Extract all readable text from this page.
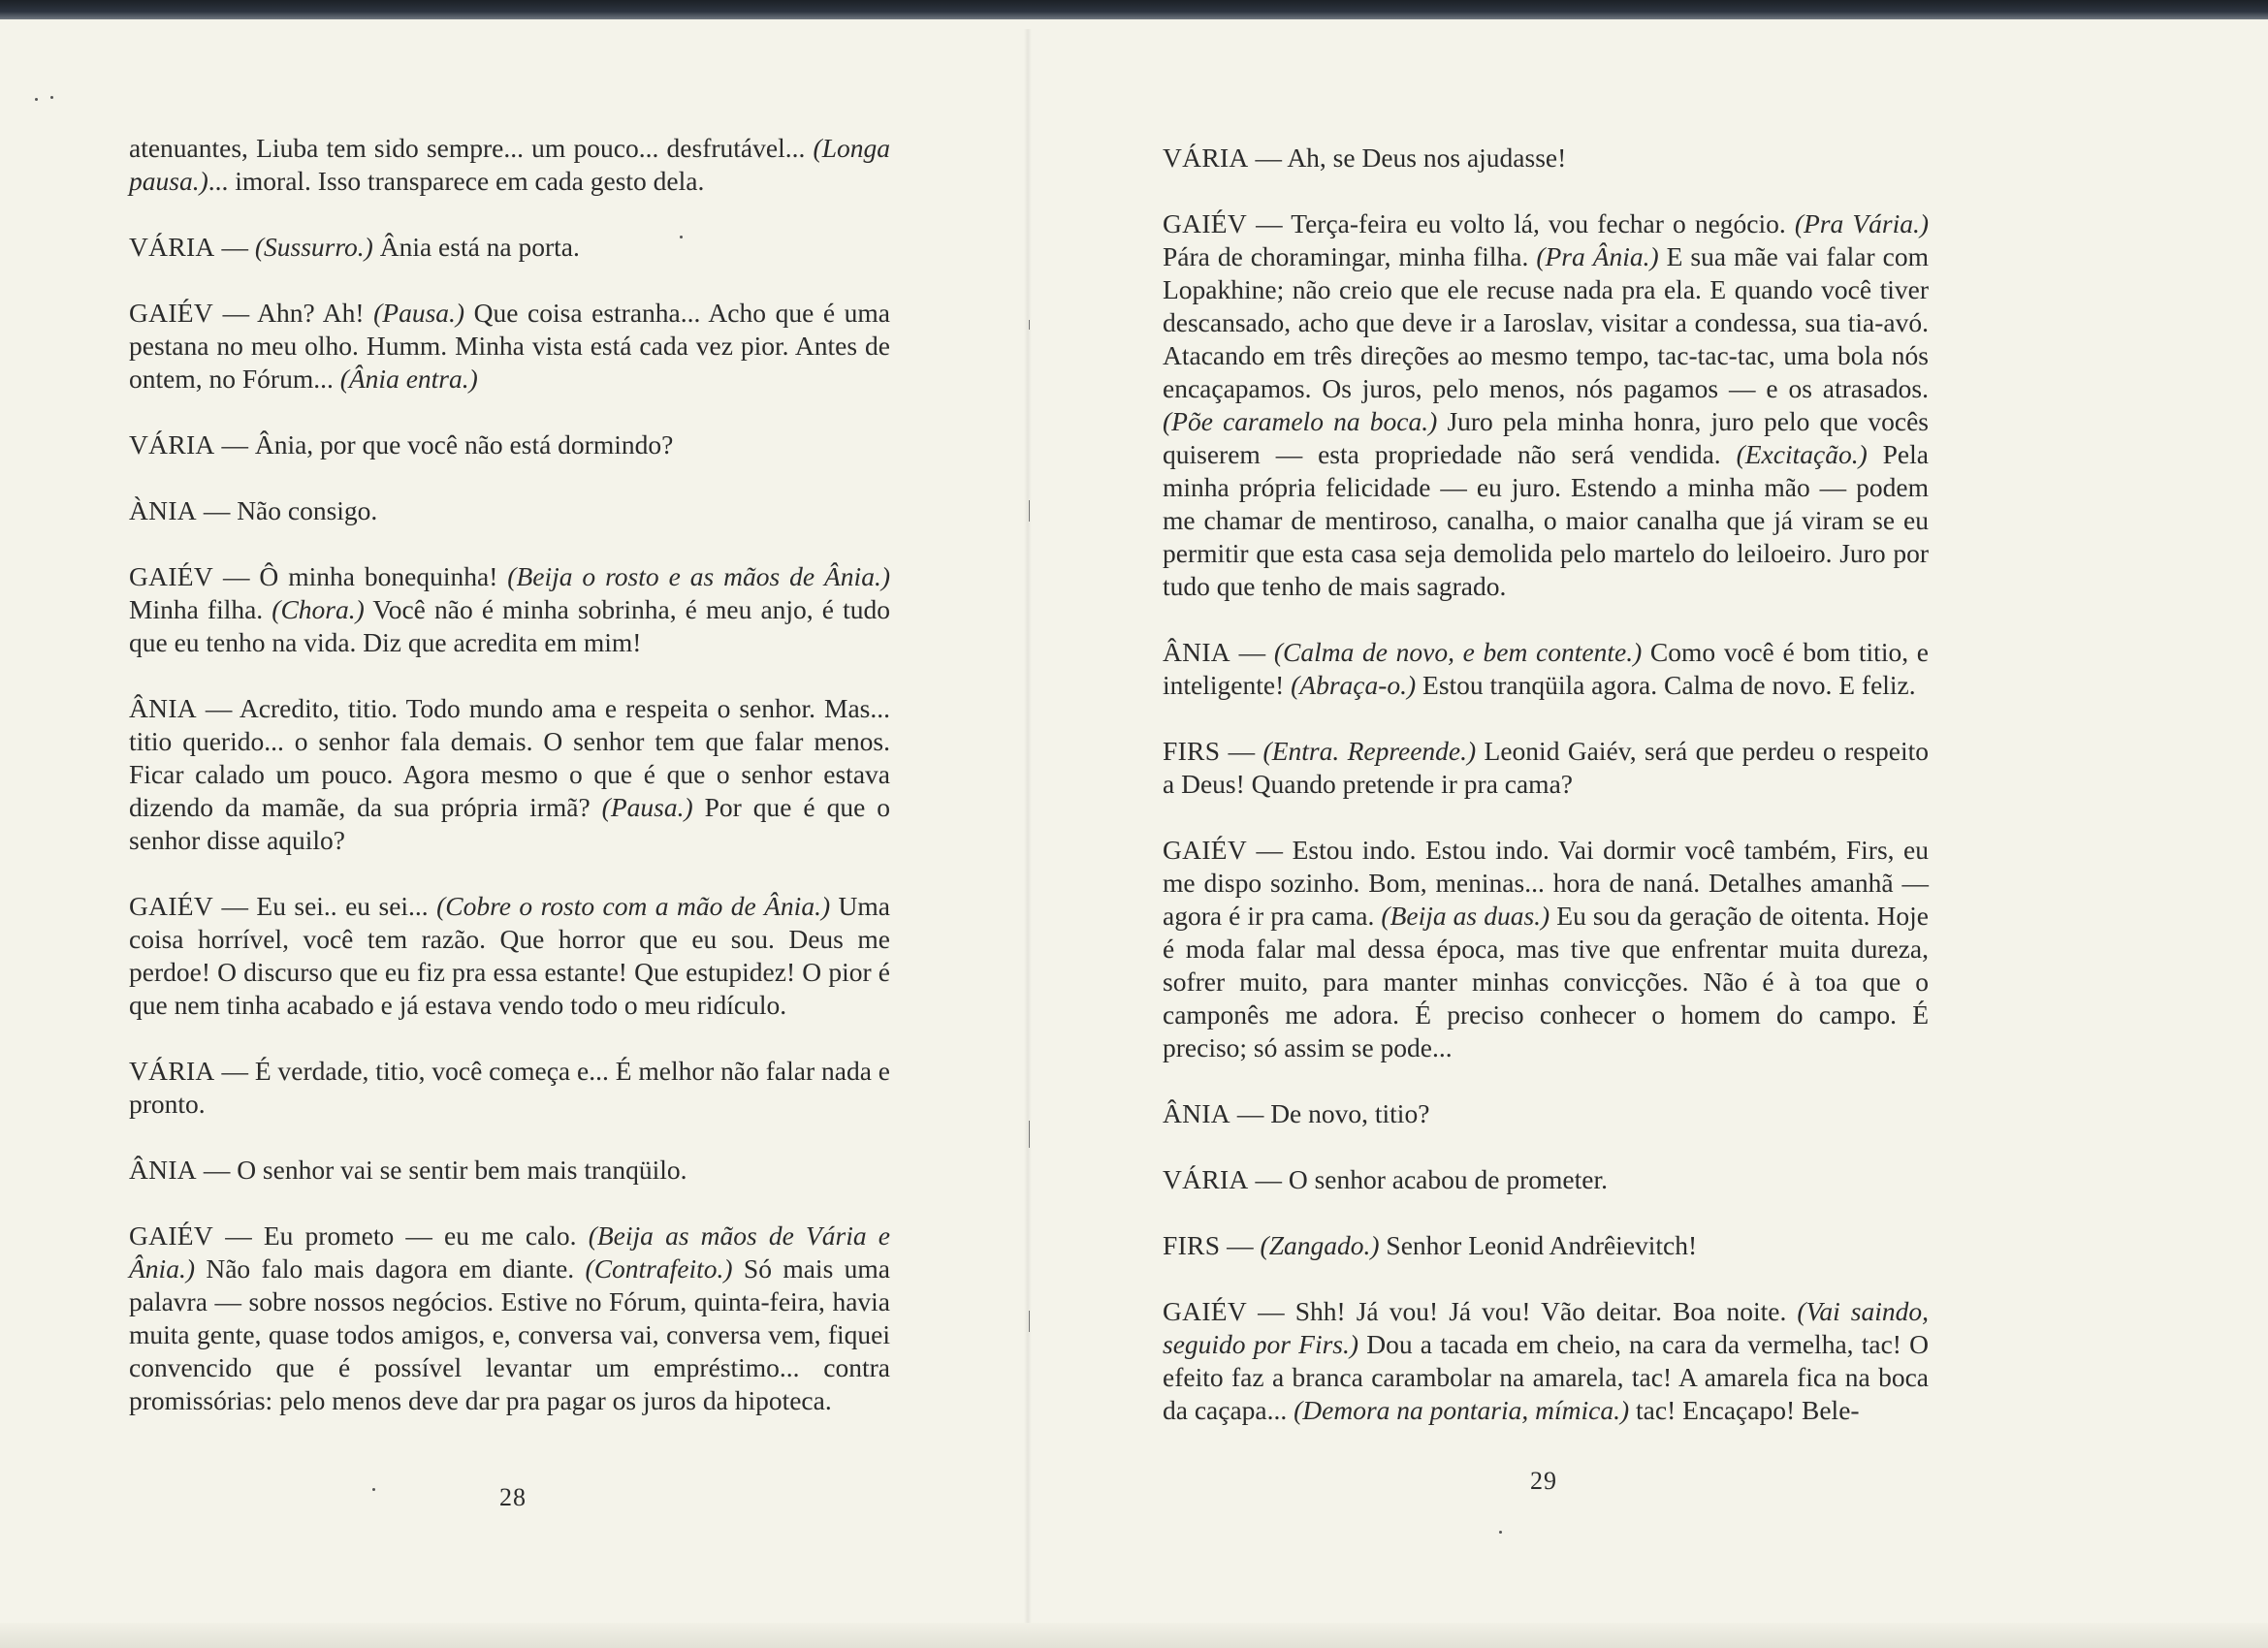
atenuantes, Liuba tem sido sempre... um pouco... desfrutável... (Longa pausa.)... imoral. Isso transparece em cada gesto dela.

VÁRIA — (Sussurro.) Ânia está na porta.

GAIÉV — Ahn? Ah! (Pausa.) Que coisa estranha... Acho que é uma pestana no meu olho. Humm. Minha vista está cada vez pior. Antes de ontem, no Fórum... (Ânia entra.)

VÁRIA — Ânia, por que você não está dormindo?

ÀNIA — Não consigo.

GAIÉV — Ô minha bonequinha! (Beija o rosto e as mãos de Ânia.) Minha filha. (Chora.) Você não é minha sobrinha, é meu anjo, é tudo que eu tenho na vida. Diz que acredita em mim!

ÂNIA — Acredito, titio. Todo mundo ama e respeita o senhor. Mas... titio querido... o senhor fala demais. O senhor tem que falar menos. Ficar calado um pouco. Agora mesmo o que é que o senhor estava dizendo da mamãe, da sua própria irmã? (Pausa.) Por que é que o senhor disse aquilo?

GAIÉV — Eu sei.. eu sei... (Cobre o rosto com a mão de Ânia.) Uma coisa horrível, você tem razão. Que horror que eu sou. Deus me perdoe! O discurso que eu fiz pra essa estante! Que estupidez! O pior é que nem tinha acabado e já estava vendo todo o meu ridículo.

VÁRIA — É verdade, titio, você começa e... É melhor não falar nada e pronto.

ÂNIA — O senhor vai se sentir bem mais tranqüilo.

GAIÉV — Eu prometo — eu me calo. (Beija as mãos de Vária e Ânia.) Não falo mais dagora em diante. (Contrafeito.) Só mais uma palavra — sobre nossos negócios. Estive no Fórum, quinta-feira, havia muita gente, quase todos amigos, e, conversa vai, conversa vem, fiquei convencido que é possível levantar um empréstimo... contra promissórias: pelo menos deve dar pra pagar os juros da hipoteca.

28

VÁRIA — Ah, se Deus nos ajudasse!

GAIÉV — Terça-feira eu volto lá, vou fechar o negócio. (Pra Vária.) Pára de choramingar, minha filha. (Pra Ânia.) E sua mãe vai falar com Lopakhine; não creio que ele recuse nada pra ela. E quando você tiver descansado, acho que deve ir a Iaroslav, visitar a condessa, sua tia-avó. Atacando em três direções ao mesmo tempo, tac-tac-tac, uma bola nós encaçapamos. Os juros, pelo menos, nós pagamos — e os atrasados. (Põe caramelo na boca.) Juro pela minha honra, juro pelo que vocês quiserem — esta propriedade não será vendida. (Excitação.) Pela minha própria felicidade — eu juro. Estendo a minha mão — podem me chamar de mentiroso, canalha, o maior canalha que já viram se eu permitir que esta casa seja demolida pelo martelo do leiloeiro. Juro por tudo que tenho de mais sagrado.

ÂNIA — (Calma de novo, e bem contente.) Como você é bom titio, e inteligente! (Abraça-o.) Estou tranqüila agora. Calma de novo. E feliz.

FIRS — (Entra. Repreende.) Leonid Gaiév, será que perdeu o respeito a Deus! Quando pretende ir pra cama?

GAIÉV — Estou indo. Estou indo. Vai dormir você também, Firs, eu me dispo sozinho. Bom, meninas... hora de naná. Detalhes amanhã — agora é ir pra cama. (Beija as duas.) Eu sou da geração de oitenta. Hoje é moda falar mal dessa época, mas tive que enfrentar muita dureza, sofrer muito, para manter minhas convicções. Não é à toa que o camponês me adora. É preciso conhecer o homem do campo. É preciso; só assim se pode...

ÂNIA — De novo, titio?

VÁRIA — O senhor acabou de prometer.

FIRS — (Zangado.) Senhor Leonid Andrêievitch!

GAIÉV — Shh! Já vou! Já vou! Vão deitar. Boa noite. (Vai saindo, seguido por Firs.) Dou a tacada em cheio, na cara da vermelha, tac! O efeito faz a branca carambolar na amarela, tac! A amarela fica na boca da caçapa... (Demora na pontaria, mímica.) tac! Encaçapo! Bele-

29
